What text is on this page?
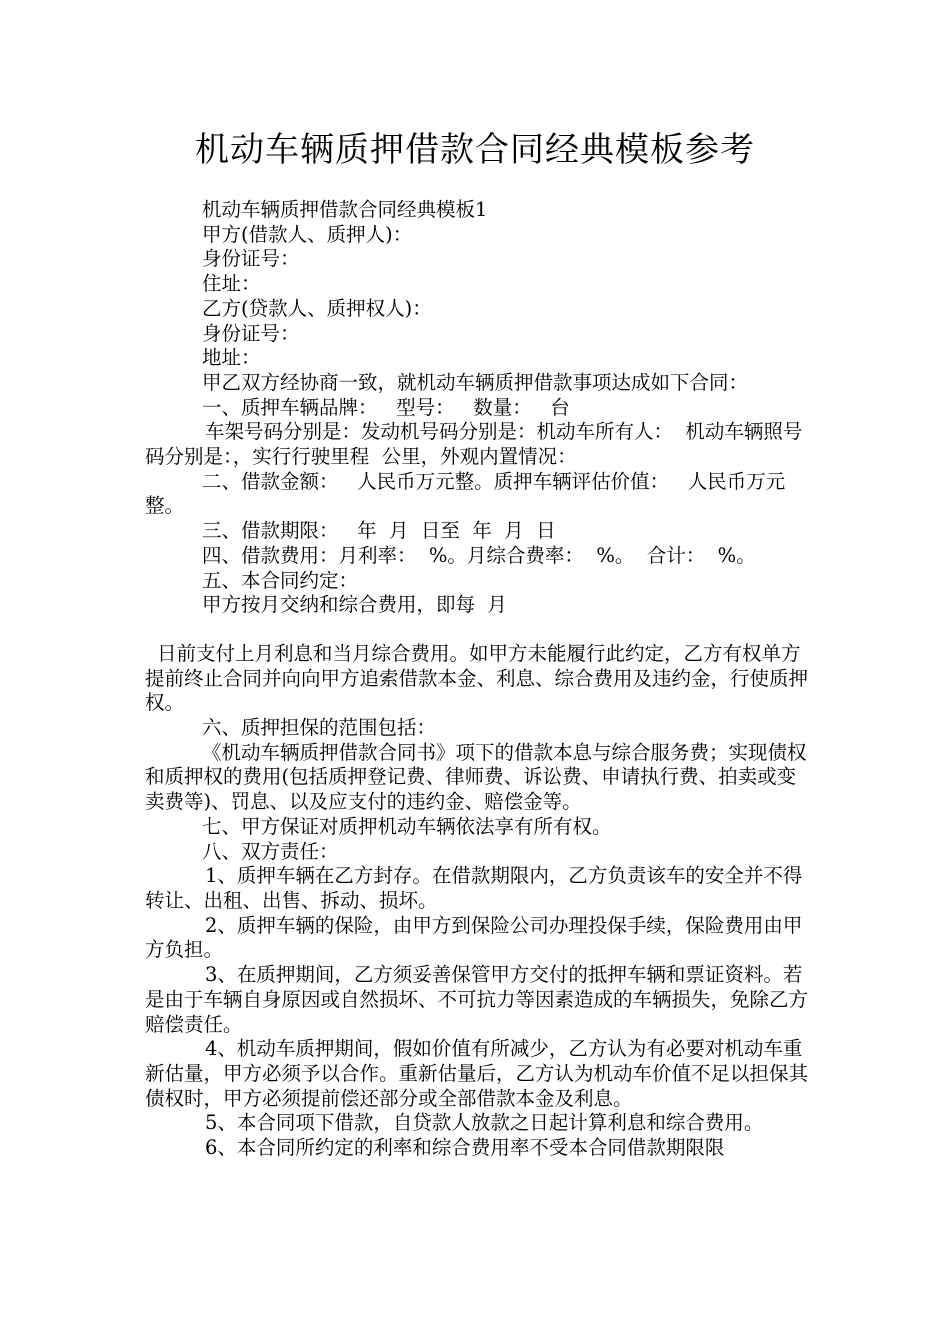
机动车辆质押借款合同经典模板参考

机动车辆质押借款合同经典模板1

甲方(借款人、质押人)：

身份证号：

住址：

乙方(贷款人、质押权人)：

身份证号：

地址：

甲乙双方经协商一致，就机动车辆质押借款事项达成如下合同：

一、质押车辆品牌：   型号：   数量：   台

车架号码分别是：发动机号码分别是：机动车所有人：  机动车辆照号码分别是：，实行行驶里程  公里，外观内置情况：

二、借款金额：   人民币万元整。质押车辆评估价值：   人民币万元整。

三、借款期限：   年  月  日至  年  月  日

四、借款费用：月利率：  %。月综合费率：  %。  合计：  %。

五、本合同约定：

甲方按月交纳和综合费用，即每  月

日前支付上月利息和当月综合费用。如甲方未能履行此约定，乙方有权单方提前终止合同并向向甲方追索借款本金、利息、综合费用及违约金，行使质押权。

六、质押担保的范围包括：

《机动车辆质押借款合同书》项下的借款本息与综合服务费；实现债权和质押权的费用(包括质押登记费、律师费、诉讼费、申请执行费、拍卖或变卖费等)、罚息、以及应支付的违约金、赔偿金等。

七、甲方保证对质押机动车辆依法享有所有权。

八、双方责任：

1、质押车辆在乙方封存。在借款期限内，乙方负责该车的安全并不得转让、出租、出售、拆动、损坏。

2、质押车辆的保险，由甲方到保险公司办理投保手续，保险费用由甲方负担。

3、在质押期间，乙方须妥善保管甲方交付的抵押车辆和票证资料。若是由于车辆自身原因或自然损坏、不可抗力等因素造成的车辆损失，免除乙方赔偿责任。

4、机动车质押期间，假如价值有所减少，乙方认为有必要对机动车重新估量，甲方必须予以合作。重新估量后，乙方认为机动车价值不足以担保其债权时，甲方必须提前偿还部分或全部借款本金及利息。

5、本合同项下借款，自贷款人放款之日起计算利息和综合费用。

6、本合同所约定的利率和综合费用率不受本合同借款期限限
